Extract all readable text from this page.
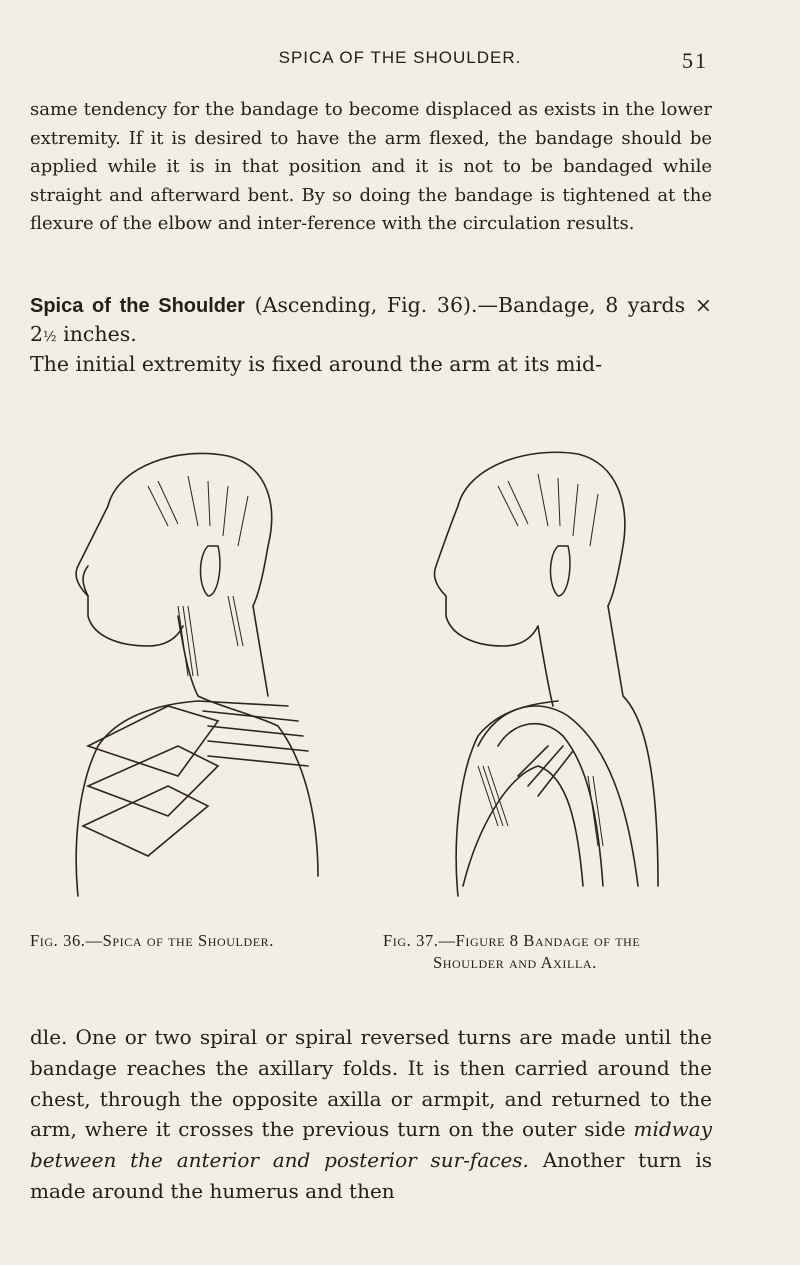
SPICA OF THE SHOULDER.	51
same tendency for the bandage to become displaced as exists in the lower extremity. If it is desired to have the arm flexed, the bandage should be applied while it is in that position and it is not to be bandaged while straight and afterward bent. By so doing the bandage is tightened at the flexure of the elbow and inter-ference with the circulation results.
Spica of the Shoulder (Ascending, Fig. 36).—Bandage, 8 yards × 2½ inches.
The initial extremity is fixed around the arm at its mid-
Fig. 36.—Spica of the Shoulder.	Fig. 37.—Figure 8 Bandage of the
Shoulder and Axilla.
dle. One or two spiral or spiral reversed turns are made until the bandage reaches the axillary folds. It is then carried around the chest, through the opposite axilla or armpit, and returned to the arm, where it crosses the previous turn on the outer side midway between the anterior and posterior sur-faces. Another turn is made around the humerus and then
